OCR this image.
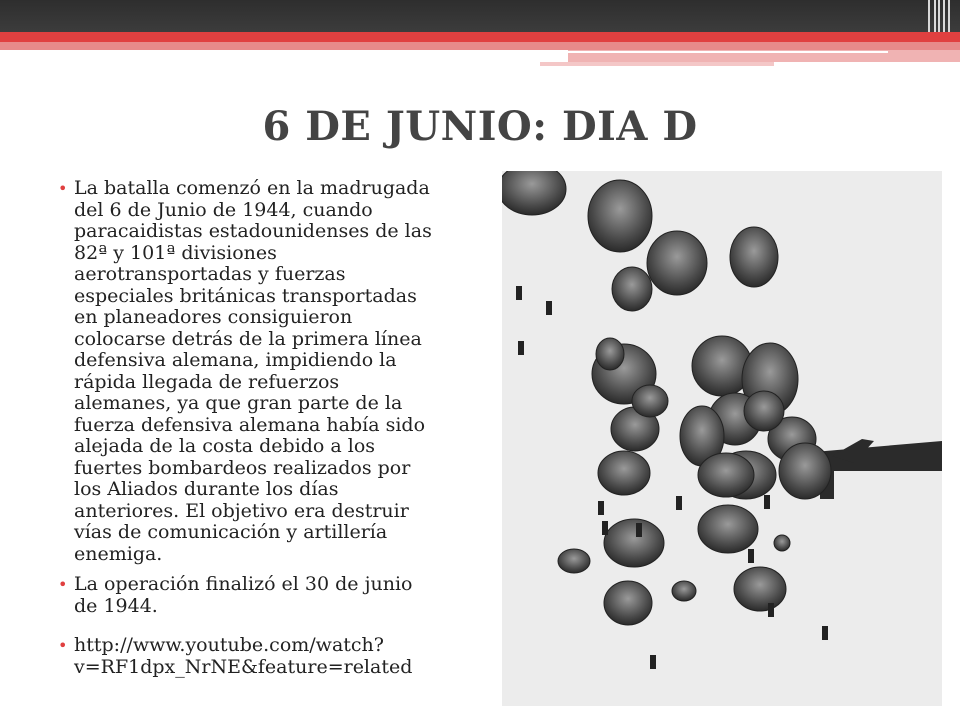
6 DE JUNIO: DIA D
• La batalla comenzó en la madrugada del 6 de Junio de 1944, cuando paracaidistas estadounidenses de las 82ª y 101ª divisiones aerotransportadas y fuerzas especiales británicas transportadas en planeadores consiguieron colocarse detrás de la primera línea defensiva alemana, impidiendo la rápida llegada de refuerzos alemanes, ya que gran parte de la fuerza defensiva alemana había sido alejada de la costa debido a los fuertes bombardeos realizados por los Aliados durante los días anteriores. El objetivo era destruir vías de comunicación y artillería enemiga.
• La operación finalizó el 30 de junio de 1944.
• http://www.youtube.com/watch?v=RF1dpx_NrNE&feature=related
